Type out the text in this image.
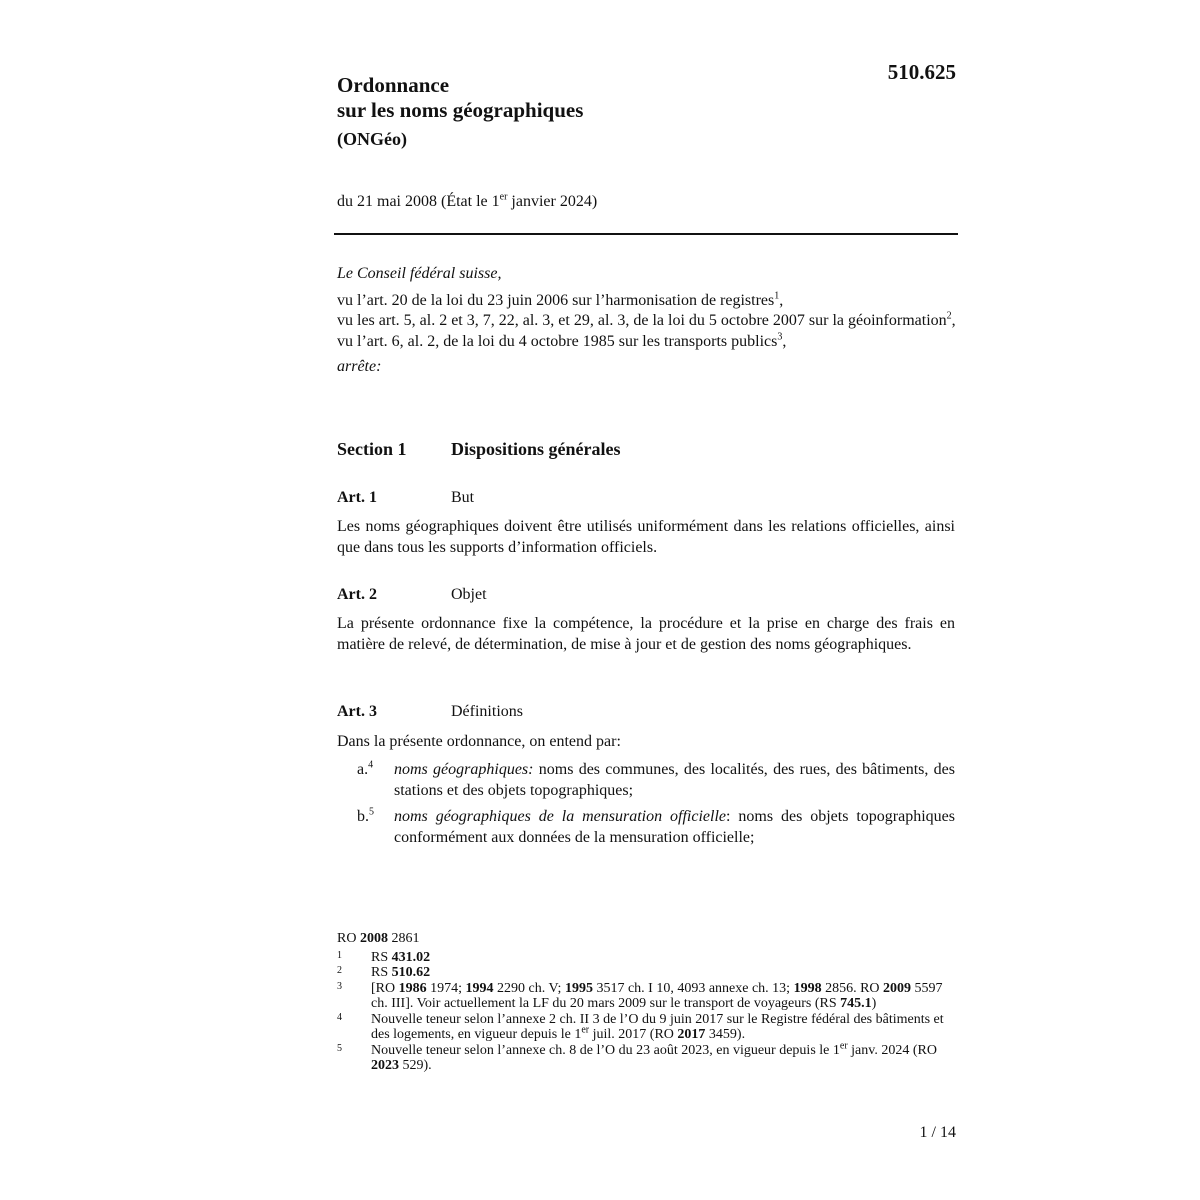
Ordonnance
sur les noms géographiques
(ONGéo)
510.625
du 21 mai 2008 (État le 1er janvier 2024)

Le Conseil fédéral suisse,

vu l’art. 20 de la loi du 23 juin 2006 sur l’harmonisation de registres$^1$,

vu les art. 5, al. 2 et 3, 7, 22, al. 3, et 29, al. 3, de la loi du 5 octobre 2007 sur la géoinformation$^2$,

vu l’art. 6, al. 2, de la loi du 4 octobre 1985 sur les transports publics$^3$,

arrête:

Section 1 Dispositions générales
Art. 1	But
Les noms géographiques doivent être utilisés uniformément dans les relations officielles, ainsi que dans tous les supports d’information officiels.
Art. 2	Objet
La présente ordonnance fixe la compétence, la procédure et la prise en charge des frais en matière de relevé, de détermination, de mise à jour et de gestion des noms géographiques.
Art. 3	Définitions
Dans la présente ordonnance, on entend par:
a.$^4$ noms géographiques: noms des communes, des localités, des rues, des bâtiments, des stations et des objets topographiques;
b.$^5$ noms géographiques de la mensuration officielle: noms des objets topographiques conformément aux données de la mensuration officielle;
RO 2008 2861
1 RS 431.02
2 RS 510.62
3 [RO 1986 1974; 1994 2290 ch. V; 1995 3517 ch. I 10, 4093 annexe ch. 13; 1998 2856. RO 2009 5597 ch. III]. Voir actuellement la LF du 20 mars 2009 sur le transport de voyageurs (RS 745.1)
4 Nouvelle teneur selon l’annexe 2 ch. II 3 de l’O du 9 juin 2017 sur le Registre fédéral des bâtiments et des logements, en vigueur depuis le 1er juil. 2017 (RO 2017 3459).
5 Nouvelle teneur selon l’annexe ch. 8 de l’O du 23 août 2023, en vigueur depuis le 1er janv. 2024 (RO 2023 529).
1 / 14
